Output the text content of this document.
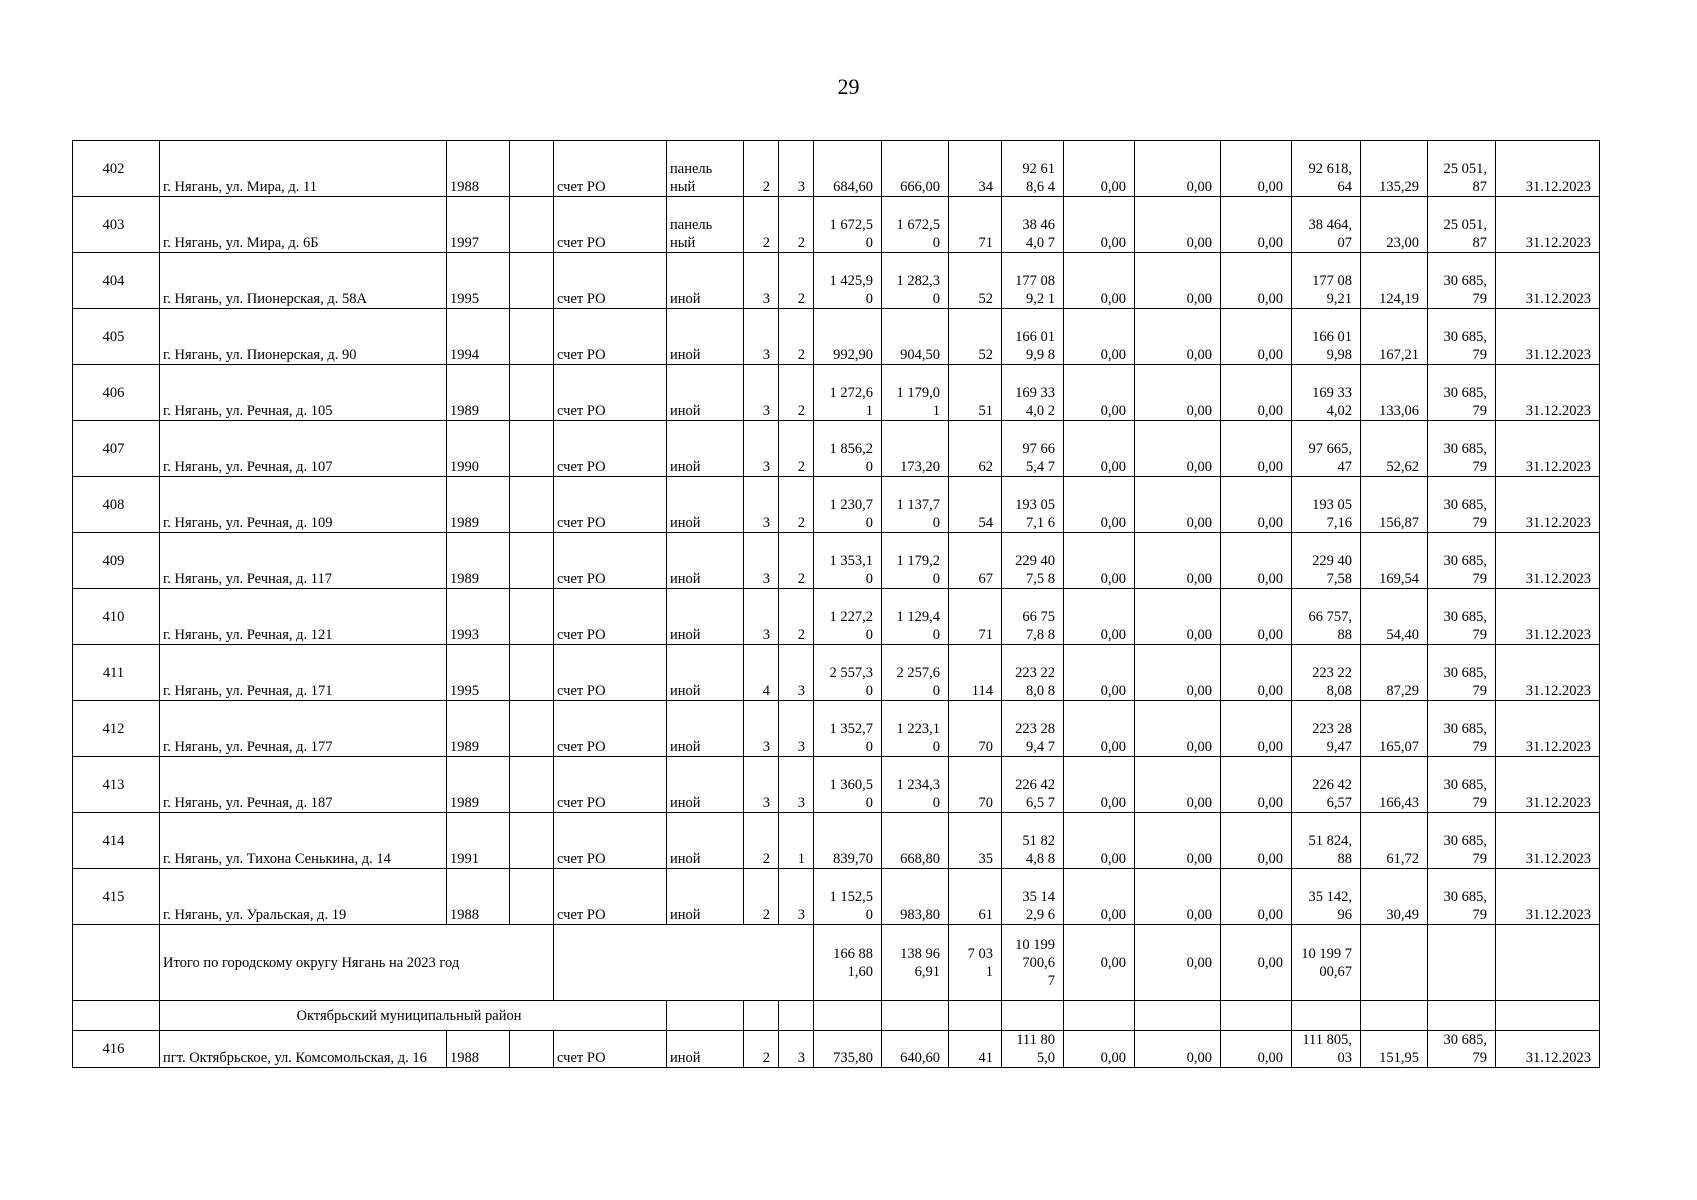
29
402	г. Нягань, ул. Мира, д. 11	1988		счет РО	панель ный	2	3	684,60	666,00	34	92 618,6 4	0,00	0,00	0,00	92 618,64	135,29	25 051,87	31.12.2023
403	г. Нягань, ул. Мира, д. 6Б	1997		счет РО	панель ный	2	2	1 672,50	1 672,50	71	38 464,0 7	0,00	0,00	0,00	38 464,07	23,00	25 051,87	31.12.2023
404	г. Нягань, ул. Пионерская, д. 58А	1995		счет РО	иной	3	2	1 425,90	1 282,30	52	177 089,2 1	0,00	0,00	0,00	177 089,21	124,19	30 685,79	31.12.2023
405	г. Нягань, ул. Пионерская, д. 90	1994		счет РО	иной	3	2	992,90	904,50	52	166 019,9 8	0,00	0,00	0,00	166 019,98	167,21	30 685,79	31.12.2023
406	г. Нягань, ул. Речная, д. 105	1989		счет РО	иной	3	2	1 272,61	1 179,01	51	169 334,0 2	0,00	0,00	0,00	169 334,02	133,06	30 685,79	31.12.2023
407	г. Нягань, ул. Речная, д. 107	1990		счет РО	иной	3	2	1 856,20	173,20	62	97 665,4 7	0,00	0,00	0,00	97 665,47	52,62	30 685,79	31.12.2023
408	г. Нягань, ул. Речная, д. 109	1989		счет РО	иной	3	2	1 230,70	1 137,70	54	193 057,1 6	0,00	0,00	0,00	193 057,16	156,87	30 685,79	31.12.2023
409	г. Нягань, ул. Речная, д. 117	1989		счет РО	иной	3	2	1 353,10	1 179,20	67	229 407,5 8	0,00	0,00	0,00	229 407,58	169,54	30 685,79	31.12.2023
410	г. Нягань, ул. Речная, д. 121	1993		счет РО	иной	3	2	1 227,20	1 129,40	71	66 757,8 8	0,00	0,00	0,00	66 757,88	54,40	30 685,79	31.12.2023
411	г. Нягань, ул. Речная, д. 171	1995		счет РО	иной	4	3	2 557,30	2 257,60	114	223 228,0 8	0,00	0,00	0,00	223 228,08	87,29	30 685,79	31.12.2023
412	г. Нягань, ул. Речная, д. 177	1989		счет РО	иной	3	3	1 352,70	1 223,10	70	223 289,4 7	0,00	0,00	0,00	223 289,47	165,07	30 685,79	31.12.2023
413	г. Нягань, ул. Речная, д. 187	1989		счет РО	иной	3	3	1 360,50	1 234,30	70	226 426,5 7	0,00	0,00	0,00	226 426,57	166,43	30 685,79	31.12.2023
414	г. Нягань, ул. Тихона Сенькина, д. 14	1991		счет РО	иной	2	1	839,70	668,80	35	51 824,8 8	0,00	0,00	0,00	51 824,88	61,72	30 685,79	31.12.2023
415	г. Нягань, ул. Уральская, д. 19	1988		счет РО	иной	2	3	1 152,50	983,80	61	35 142,9 6	0,00	0,00	0,00	35 142,96	30,49	30 685,79	31.12.2023
	Итого по городскому округу Нягань на 2023 год							166 881,60	138 966,91	7 031	10 199 700,6 7	0,00	0,00	0,00	10 199 700,67			

	Октябрьский муниципальный район																	
416	пгт. Октябрьское, ул. Комсомольская, д. 16	1988		счет РО	иной	2	3	735,80	640,60	41	111 805,0	0,00	0,00	0,00	111 805,03	151,95	30 685,79	31.12.2023
